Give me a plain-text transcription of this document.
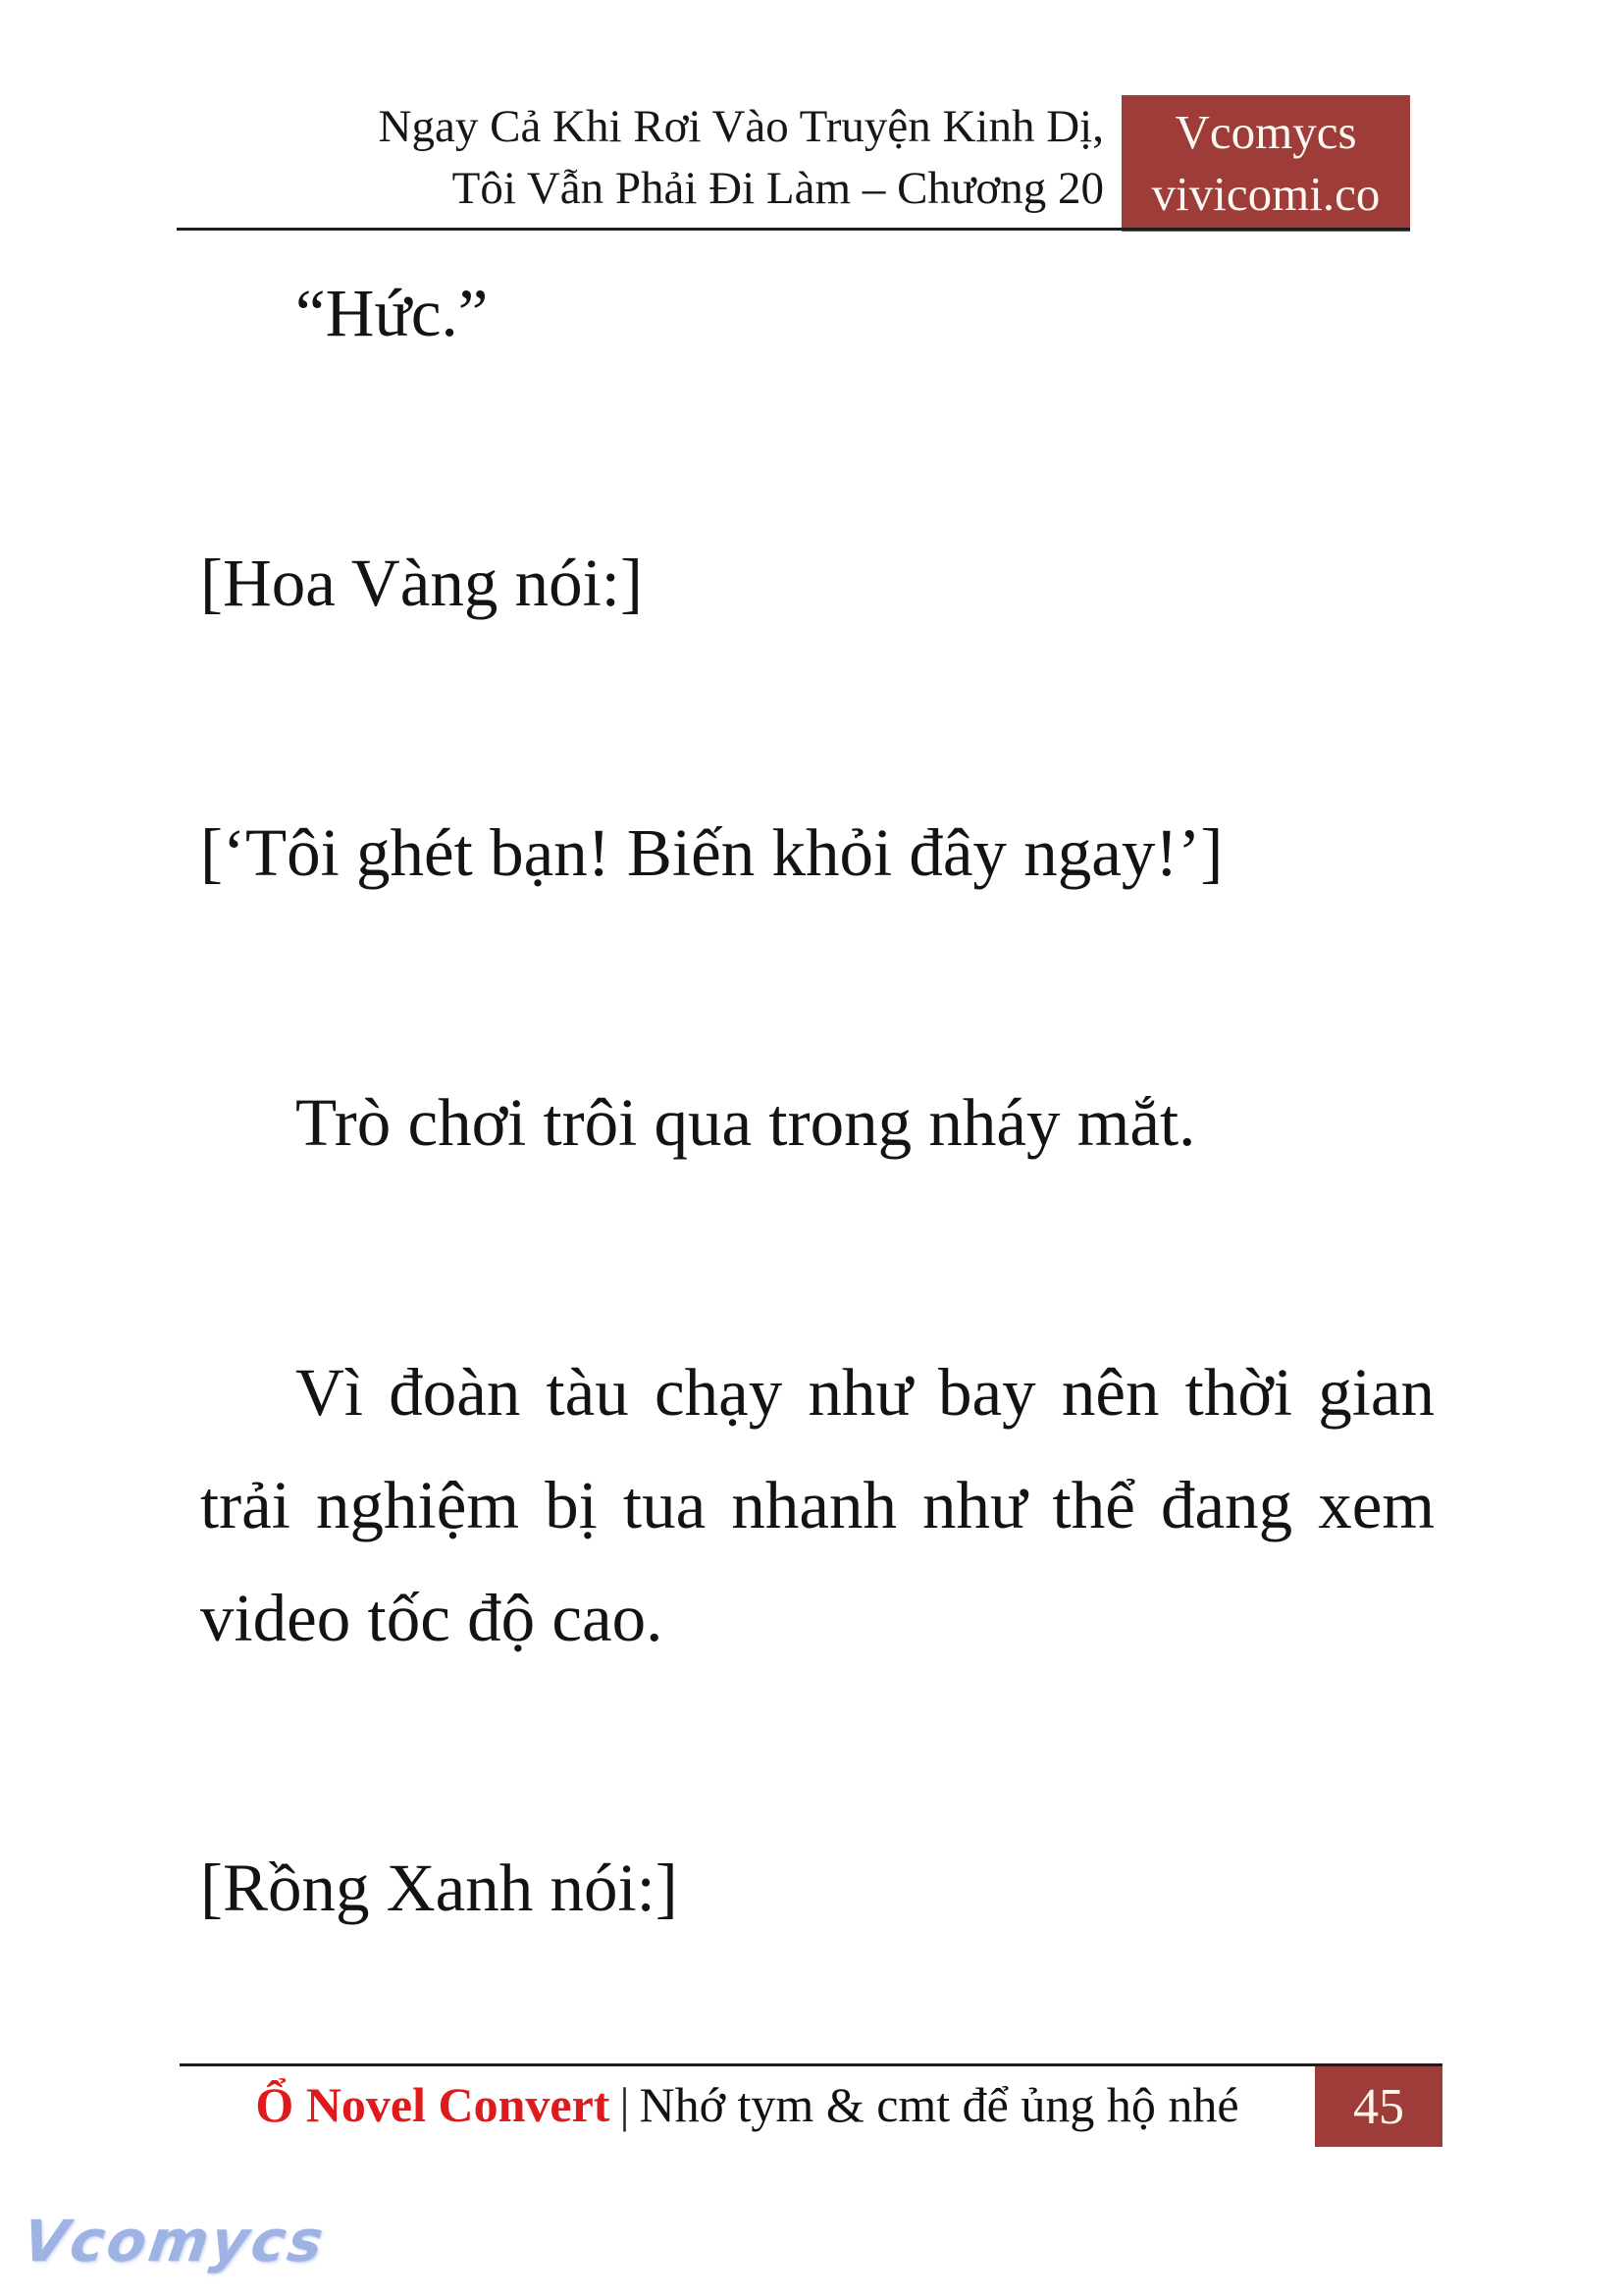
Ngay Cả Khi Rơi Vào Truyện Kinh Dị,
Tôi Vẫn Phải Đi Làm – Chương 20
Vcomycs
vivicomi.co

“Hức.”

[Hoa Vàng nói:]

[‘Tôi ghét bạn! Biến khỏi đây ngay!’]

Trò chơi trôi qua trong nháy mắt.

Vì đoàn tàu chạy như bay nên thời gian trải nghiệm bị tua nhanh như thể đang xem video tốc độ cao.

[Rồng Xanh nói:]

Ổ Novel Convert | Nhớ tym & cmt để ủng hộ nhé	45
Vcomycs
